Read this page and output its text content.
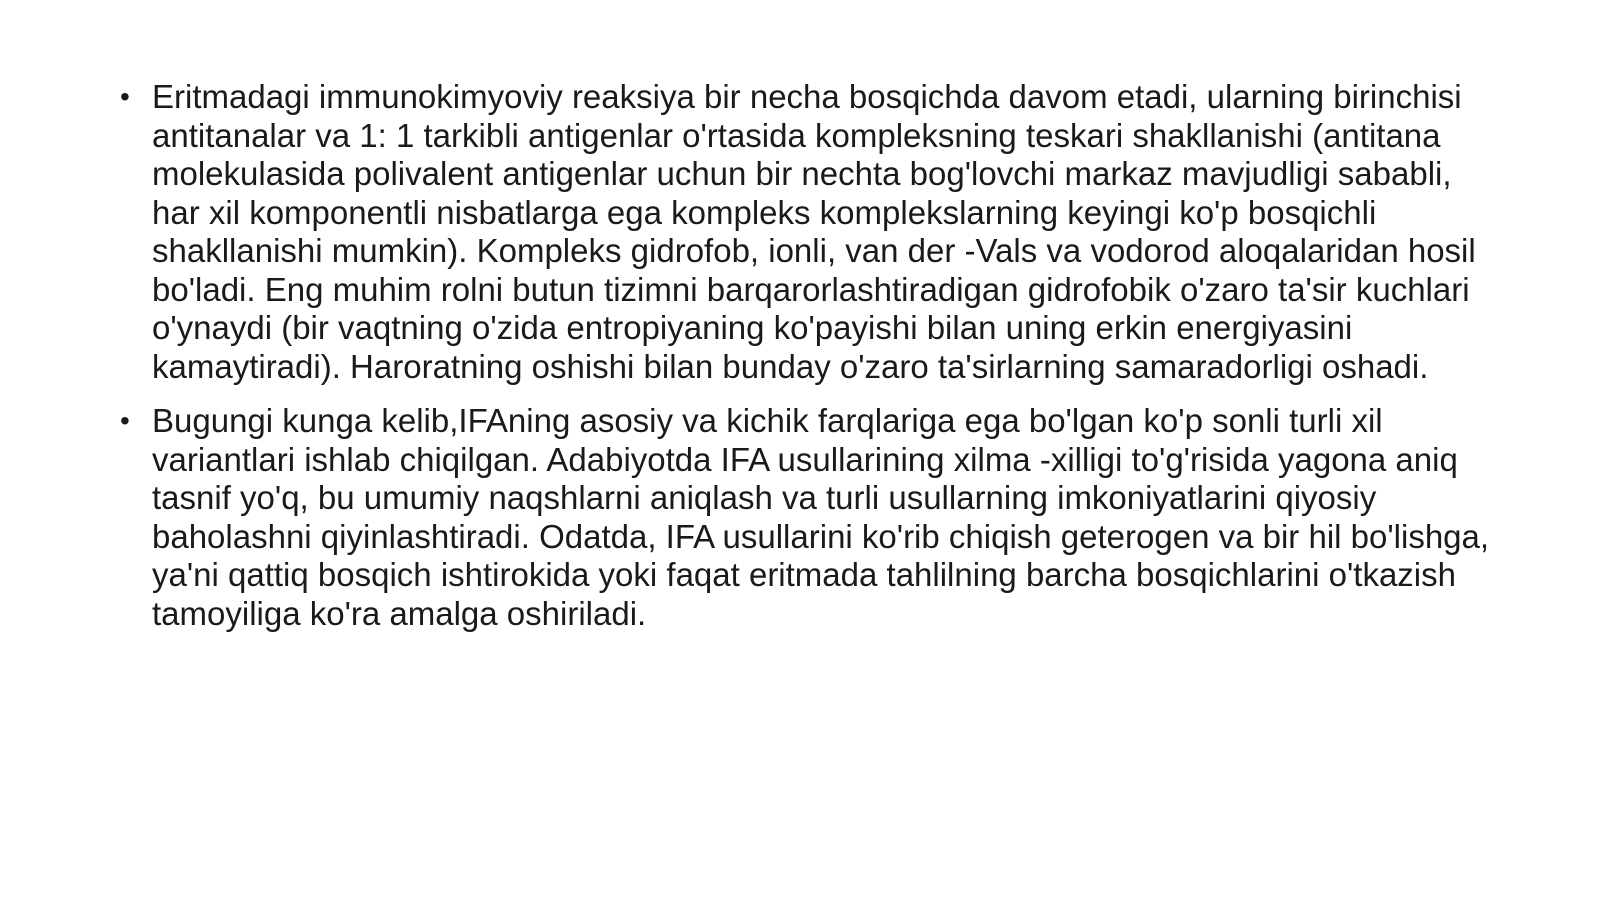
• Eritmadagi immunokimyoviy reaksiya bir necha bosqichda davom etadi, ularning birinchisi antitanalar va 1: 1 tarkibli antigenlar o'rtasida kompleksning teskari shakllanishi (antitana molekulasida polivalent antigenlar uchun bir nechta bog'lovchi markaz mavjudligi sababli, har xil komponentli nisbatlarga ega kompleks komplekslarning keyingi ko'p bosqichli shakllanishi mumkin). Kompleks gidrofob, ionli, van der -Vals va vodorod aloqalaridan hosil bo'ladi. Eng muhim rolni butun tizimni barqarorlashtiradigan gidrofobik o'zaro ta'sir kuchlari o'ynaydi (bir vaqtning o'zida entropiyaning ko'payishi bilan uning erkin energiyasini kamaytiradi). Haroratning oshishi bilan bunday o'zaro ta'sirlarning samaradorligi oshadi.
• Bugungi kunga kelib,IFAning asosiy va kichik farqlariga ega bo'lgan ko'p sonli turli xil variantlari ishlab chiqilgan. Adabiyotda IFA usullarining xilma -xilligi to'g'risida yagona aniq tasnif yo'q, bu umumiy naqshlarni aniqlash va turli usullarning imkoniyatlarini qiyosiy baholashni qiyinlashtiradi. Odatda, IFA usullarini ko'rib chiqish geterogen va bir hil bo'lishga, ya'ni qattiq bosqich ishtirokida yoki faqat eritmada tahlilning barcha bosqichlarini o'tkazish tamoyiliga ko'ra amalga oshiriladi.
